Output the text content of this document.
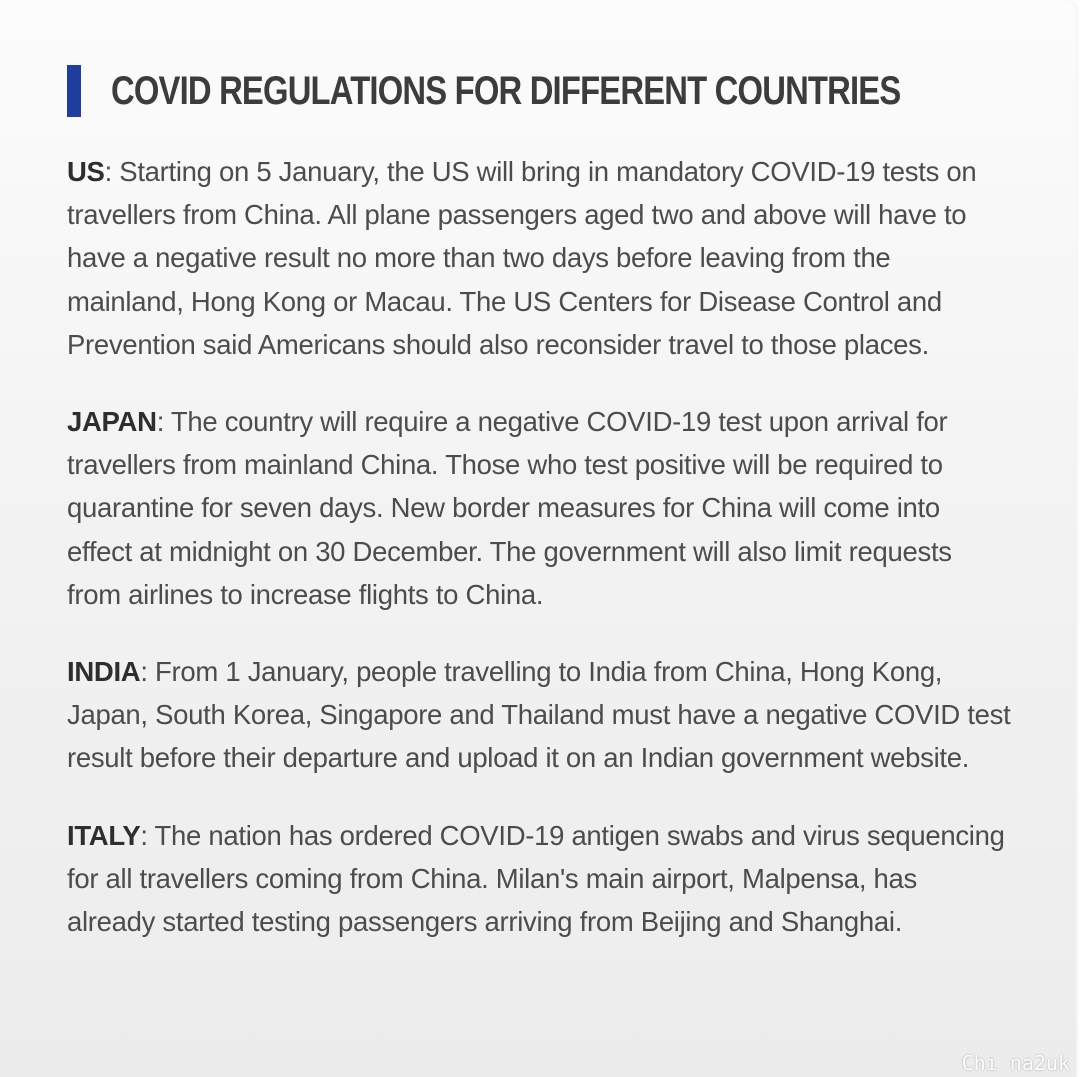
COVID REGULATIONS FOR DIFFERENT COUNTRIES

US: Starting on 5 January, the US will bring in mandatory COVID-19 tests on travellers from China. All plane passengers aged two and above will have to have a negative result no more than two days before leaving from the mainland, Hong Kong or Macau. The US Centers for Disease Control and Prevention said Americans should also reconsider travel to those places.

JAPAN: The country will require a negative COVID-19 test upon arrival for travellers from mainland China. Those who test positive will be required to quarantine for seven days. New border measures for China will come into effect at midnight on 30 December. The government will also limit requests from airlines to increase flights to China.

INDIA: From 1 January, people travelling to India from China, Hong Kong, Japan, South Korea, Singapore and Thailand must have a negative COVID test result before their departure and upload it on an Indian government website.

ITALY: The nation has ordered COVID-19 antigen swabs and virus sequencing for all travellers coming from China. Milan's main airport, Malpensa, has already started testing passengers arriving from Beijing and Shanghai.

Chi na2uk
